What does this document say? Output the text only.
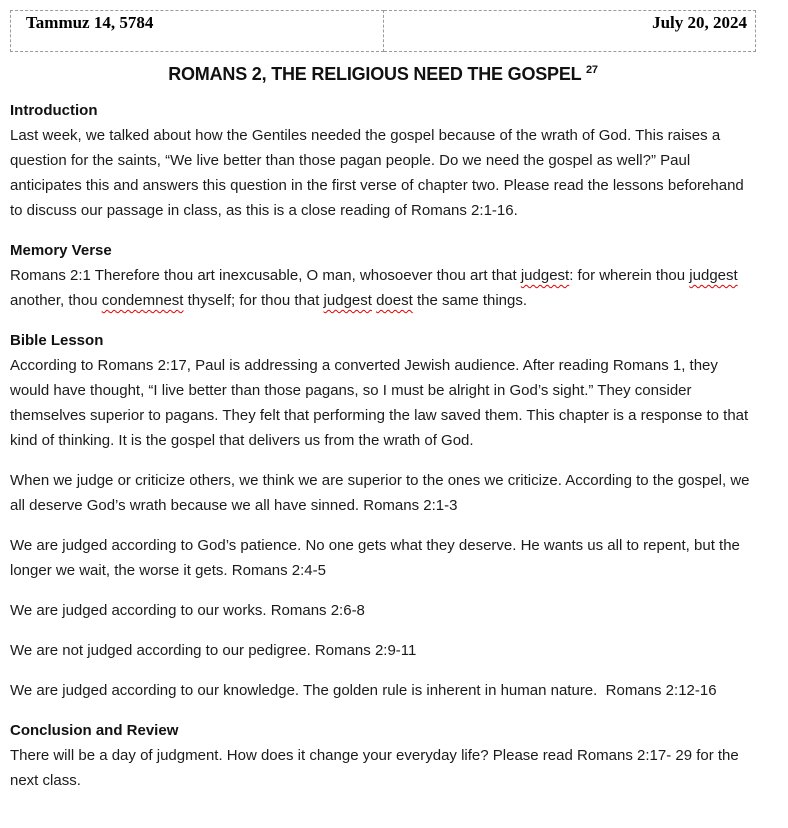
Tammuz 14, 5784	July 20, 2024
ROMANS 2, THE RELIGIOUS NEED THE GOSPEL $^{27}$
Introduction

Last week, we talked about how the Gentiles needed the gospel because of the wrath of God. This raises a question for the saints, “We live better than those pagan people. Do we need the gospel as well?” Paul anticipates this and answers this question in the first verse of chapter two. Please read the lessons beforehand to discuss our passage in class, as this is a close reading of Romans 2:1-16.

Memory Verse

Romans 2:1 Therefore thou art inexcusable, O man, whosoever thou art that judgest: for wherein thou judgest another, thou condemnest thyself; for thou that judgest doest the same things.

Bible Lesson

According to Romans 2:17, Paul is addressing a converted Jewish audience. After reading Romans 1, they would have thought, “I live better than those pagans, so I must be alright in God’s sight.” They consider themselves superior to pagans. They felt that performing the law saved them. This chapter is a response to that kind of thinking. It is the gospel that delivers us from the wrath of God.

When we judge or criticize others, we think we are superior to the ones we criticize. According to the gospel, we all deserve God’s wrath because we all have sinned. Romans 2:1-3

We are judged according to God’s patience. No one gets what they deserve. He wants us all to repent, but the longer we wait, the worse it gets. Romans 2:4-5

We are judged according to our works. Romans 2:6-8

We are not judged according to our pedigree. Romans 2:9-11

We are judged according to our knowledge. The golden rule is inherent in human nature.  Romans 2:12-16

Conclusion and Review

There will be a day of judgment. How does it change your everyday life? Please read Romans 2:17- 29 for the next class.
